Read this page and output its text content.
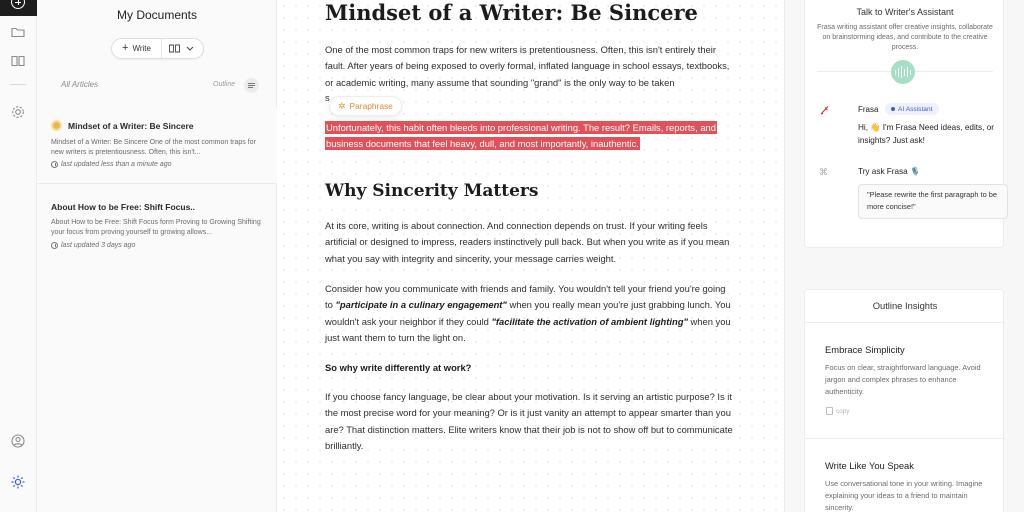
My Documents
+ Write
All Articles	Outline
Mindset of a Writer: Be Sincere
Mindset of a Writer: Be Sincere One of the most common traps for new writers is pretentiousness. Often, this isn't...
last updated less than a minute ago
About How to be Free: Shift Focus..
About How to be Free: Shift Focus form Proving to Growing Shifting your focus from proving yourself to growing allows...
last updated 3 days ago
Mindset of a Writer: Be Sincere
One of the most common traps for new writers is pretentiousness. Often, this isn't entirely their fault. After years of being exposed to overly formal, inflated language in school essays, textbooks, or academic writing, many assume that sounding "grand" is the only way to be taken
s
Unfortunately, this habit often bleeds into professional writing. The result? Emails, reports, and business documents that feel heavy, dull, and most importantly, inauthentic.
Why Sincerity Matters
At its core, writing is about connection. And connection depends on trust. If your writing feels artificial or designed to impress, readers instinctively pull back. But when you write as if you mean what you say with integrity and sincerity, your message carries weight.
Consider how you communicate with friends and family. You wouldn't tell your friend you're going to "participate in a culinary engagement" when you really mean you're just grabbing lunch. You wouldn't ask your neighbor if they could "facilitate the activation of ambient lighting" when you just want them to turn the light on.
So why write differently at work?
If you choose fancy language, be clear about your motivation. Is it serving an artistic purpose? Is it the most precise word for your meaning? Or is it just vanity an attempt to appear smarter than you are? That distinction matters. Elite writers know that their job is not to show off but to communicate brilliantly.
✲ Paraphrase
Talk to Writer's Assistant
Frasa writing assistant offer creative insights, collaborate on brainstorming ideas, and contribute to the creative process.
Frasa	AI Assistant
Hi, 👋 I'm Frasa Need ideas, edits, or insights? Just ask!
⌘	Try ask Frasa 🎙️
"Please rewrite the first paragraph to be more concise!"
Outline Insights
Embrace Simplicity
Focus on clear, straightforward language. Avoid jargon and complex phrases to enhance authenticity.
copy
Write Like You Speak
Use conversational tone in your writing. Imagine explaining your ideas to a friend to maintain sincerity.
